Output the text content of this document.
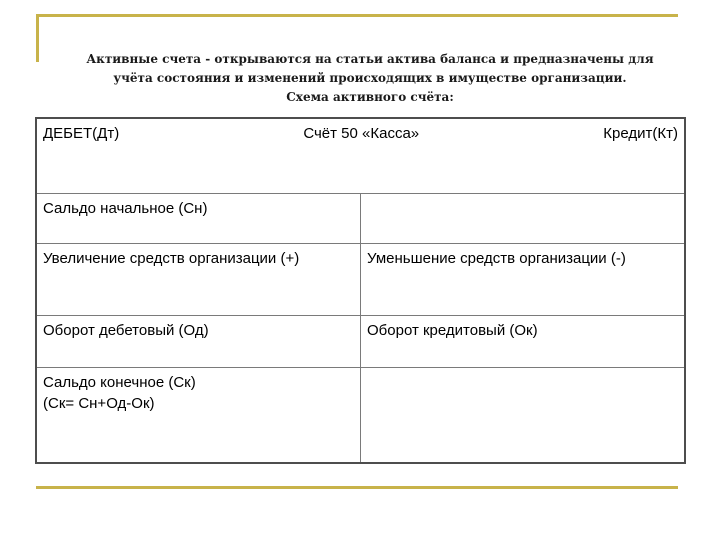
Активные счета - открываются на статьи актива баланса и предназначены для
учёта состояния и изменений происходящих в имуществе организации.
Схема активного счёта:
ДЕБЕТ(Дт) Счёт 50 «Касса» Кредит(Кт)	

Сальдо начальное (Сн)	
Увеличение средств организации (+)	Уменьшение средств организации (-)
Оборот дебетовый (Од)	Оборот кредитовый (Ок)

Сальдо конечное (Ск)
(Ск= Сн+Од-Ок)	
